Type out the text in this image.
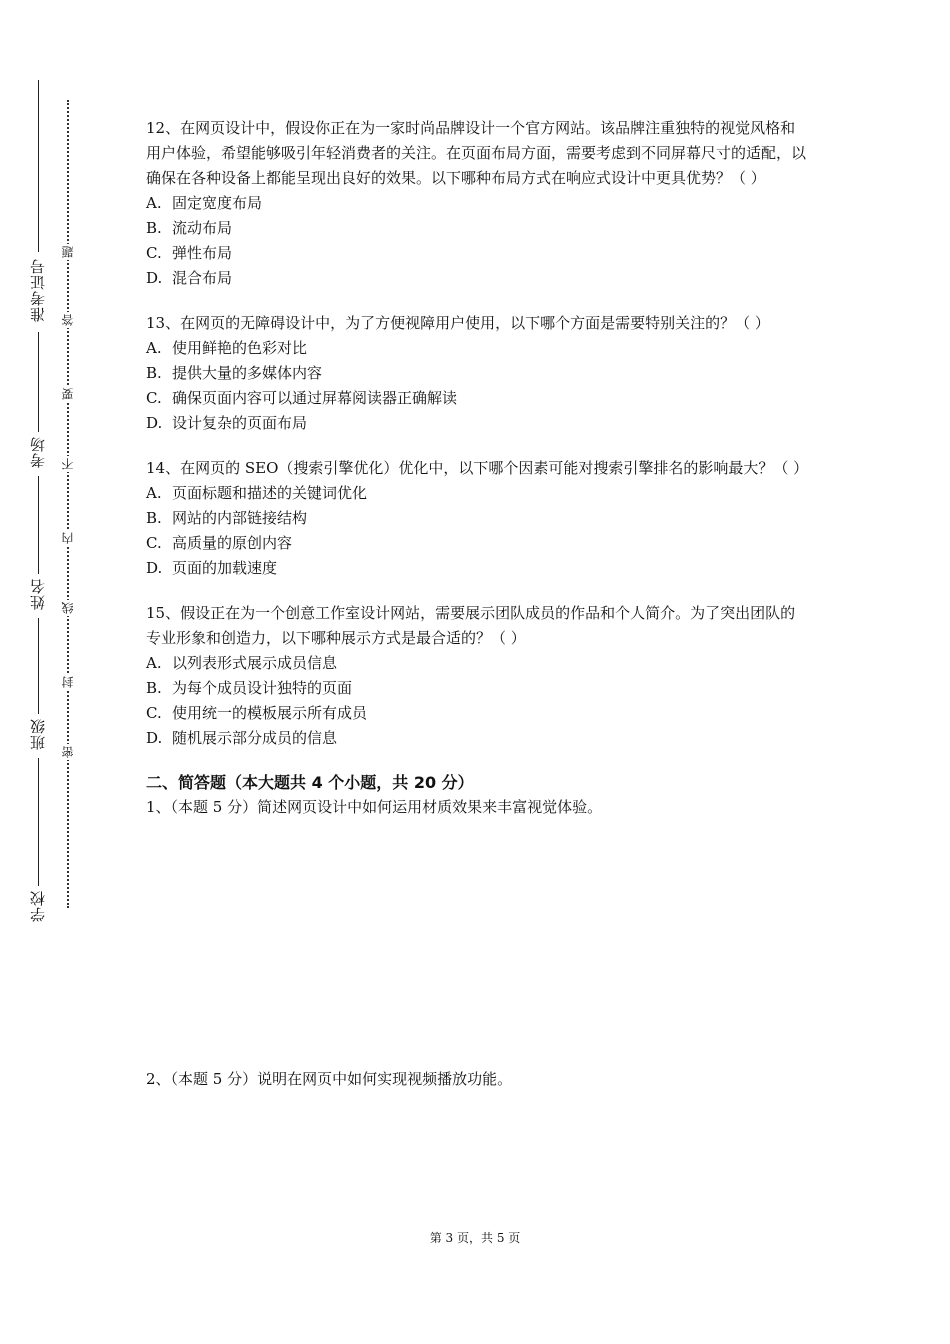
准考证号
考场
姓名
班级
学校
题
答
要
不
内
线
封
密

12、在网页设计中，假设你正在为一家时尚品牌设计一个官方网站。该品牌注重独特的视觉风格和用户体验，希望能够吸引年轻消费者的关注。在页面布局方面，需要考虑到不同屏幕尺寸的适配，以确保在各种设备上都能呈现出良好的效果。以下哪种布局方式在响应式设计中更具优势？（ ）

A. 固定宽度布局
B. 流动布局
C. 弹性布局
D. 混合布局

13、在网页的无障碍设计中，为了方便视障用户使用，以下哪个方面是需要特别关注的？（ ）

A. 使用鲜艳的色彩对比
B. 提供大量的多媒体内容
C. 确保页面内容可以通过屏幕阅读器正确解读
D. 设计复杂的页面布局

14、在网页的 SEO（搜索引擎优化）优化中，以下哪个因素可能对搜索引擎排名的影响最大？（ ）

A. 页面标题和描述的关键词优化
B. 网站的内部链接结构
C. 高质量的原创内容
D. 页面的加载速度

15、假设正在为一个创意工作室设计网站，需要展示团队成员的作品和个人简介。为了突出团队的专业形象和创造力，以下哪种展示方式是最合适的？（ ）

A. 以列表形式展示成员信息
B. 为每个成员设计独特的页面
C. 使用统一的模板展示所有成员
D. 随机展示部分成员的信息
二、简答题（本大题共 4 个小题，共 20 分）
1、（本题 5 分）简述网页设计中如何运用材质效果来丰富视觉体验。
2、（本题 5 分）说明在网页中如何实现视频播放功能。
第 3 页，共 5 页
